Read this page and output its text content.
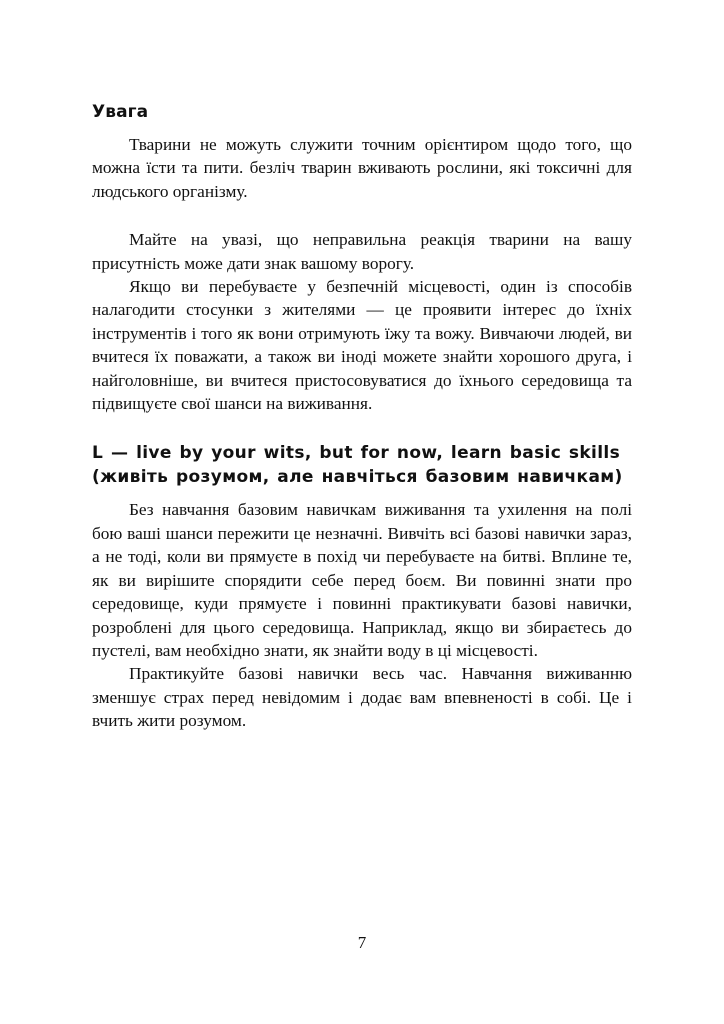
Увага

Тварини не можуть служити точним орієнтиром щодо того, що можна їсти та пити. безліч тварин вживають рослини, які токсичні для людського організму.

Майте на увазі, що неправильна реакція тварини на вашу присутність може дати знак вашому ворогу.

Якщо ви перебуваєте у безпечній місцевості, один із способів налагодити стосунки з жителями — це проявити інтерес до їхніх інструментів і того як вони отримують їжу та вожу. Вивчаючи людей, ви вчитеся їх поважати, а також ви іноді можете знайти хорошого друга, і найголовніше, ви вчитеся пристосовуватися до їхнього середовища та підвищуєте свої шанси на виживання.

L — live by your wits, but for now, learn basic skills (живіть розумом, але навчіться базовим навичкам)

Без навчання базовим навичкам виживання та ухилення на полі бою ваші шанси пережити це незначні. Вивчіть всі базові навички зараз, а не тоді, коли ви прямуєте в похід чи перебуваєте на битві. Вплине те, як ви вирішите спорядити себе перед боєм. Ви повинні знати про середовище, куди прямуєте і повинні практикувати базові навички, розроблені для цього середовища. Наприклад, якщо ви збираєтесь до пустелі, вам необхідно знати, як знайти воду в ці місцевості.

Практикуйте базові навички весь час. Навчання виживанню зменшує страх перед невідомим і додає вам впевненості в собі. Це і вчить жити розумом.

7
